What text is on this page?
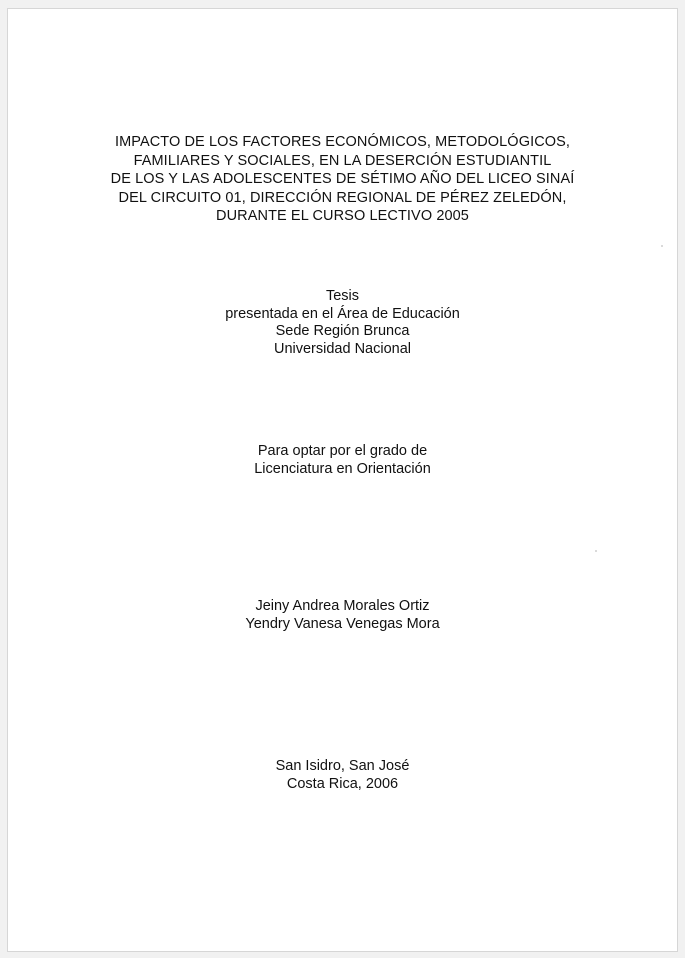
IMPACTO DE LOS FACTORES ECONÓMICOS, METODOLÓGICOS,
FAMILIARES Y SOCIALES, EN LA DESERCIÓN ESTUDIANTIL
DE LOS Y LAS ADOLESCENTES DE SÉTIMO AÑO DEL LICEO SINAÍ
DEL CIRCUITO 01, DIRECCIÓN REGIONAL DE PÉREZ ZELEDÓN,
DURANTE EL CURSO LECTIVO 2005
Tesis
presentada en el Área de Educación
Sede Región Brunca
Universidad Nacional
Para optar por el grado de
Licenciatura en Orientación
Jeiny Andrea Morales Ortiz
Yendry Vanesa Venegas Mora
San Isidro, San José
Costa Rica, 2006
